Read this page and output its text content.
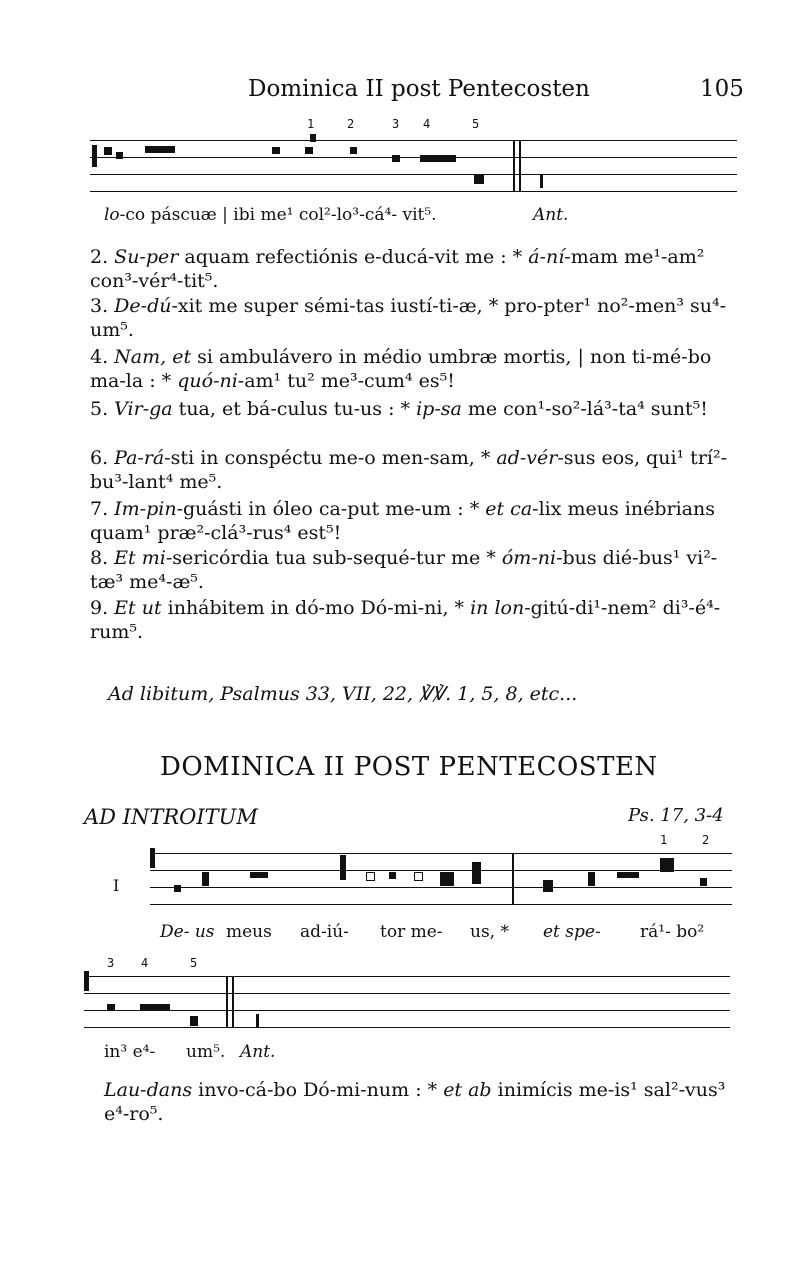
Dominica II post Pentecosten	105
1	2	3 4	5
lo-co páscuæ | ibi me¹ col²-lo³-cá⁴- vit⁵.	Ant.
2. Su-per aquam refectiónis e-ducá-vit me : * á-ní-mam me¹-am² con³-vér⁴-tit⁵.
3. De-dú-xit me super sémi-tas iustí-ti-æ, * pro-pter¹ no²-men³ su⁴-um⁵.
4. Nam, et si ambulávero in médio umbræ mortis, | non ti-mé-bo ma-la : * quó-ni-am¹ tu² me³-cum⁴ es⁵!
5. Vir-ga tua, et bá-culus tu-us : * ip-sa me con¹-so²-lá³-ta⁴ sunt⁵!
6. Pa-rá-sti in conspéctu me-o men-sam, * ad-vér-sus eos, qui¹ trí²-bu³-lant⁴ me⁵.
7. Im-pin-guásti in óleo ca-put me-um : * et ca-lix meus inébrians quam¹ præ²-clá³-rus⁴ est⁵!
8. Et mi-sericórdia tua sub-sequé-tur me * óm-ni-bus dié-bus¹ vi²-tæ³ me⁴-æ⁵.
9. Et ut inhábitem in dó-mo Dó-mi-ni, * in lon-gitú-di¹-nem² di³-é⁴-rum⁵.
Ad libitum, Psalmus 33, VII, 22, ℣℣. 1, 5, 8, etc...
DOMINICA II POST PENTECOSTEN
AD INTROITUM	Ps. 17, 3-4
I
1	2
3 4	5
De- us meus ad-iú- tor me- us, * et spe- rá¹- bo²
in³ e⁴- um⁵. Ant.
Lau-dans invo-cá-bo Dó-mi-num : * et ab inimícis me-is¹ sal²-vus³ e⁴-ro⁵.
